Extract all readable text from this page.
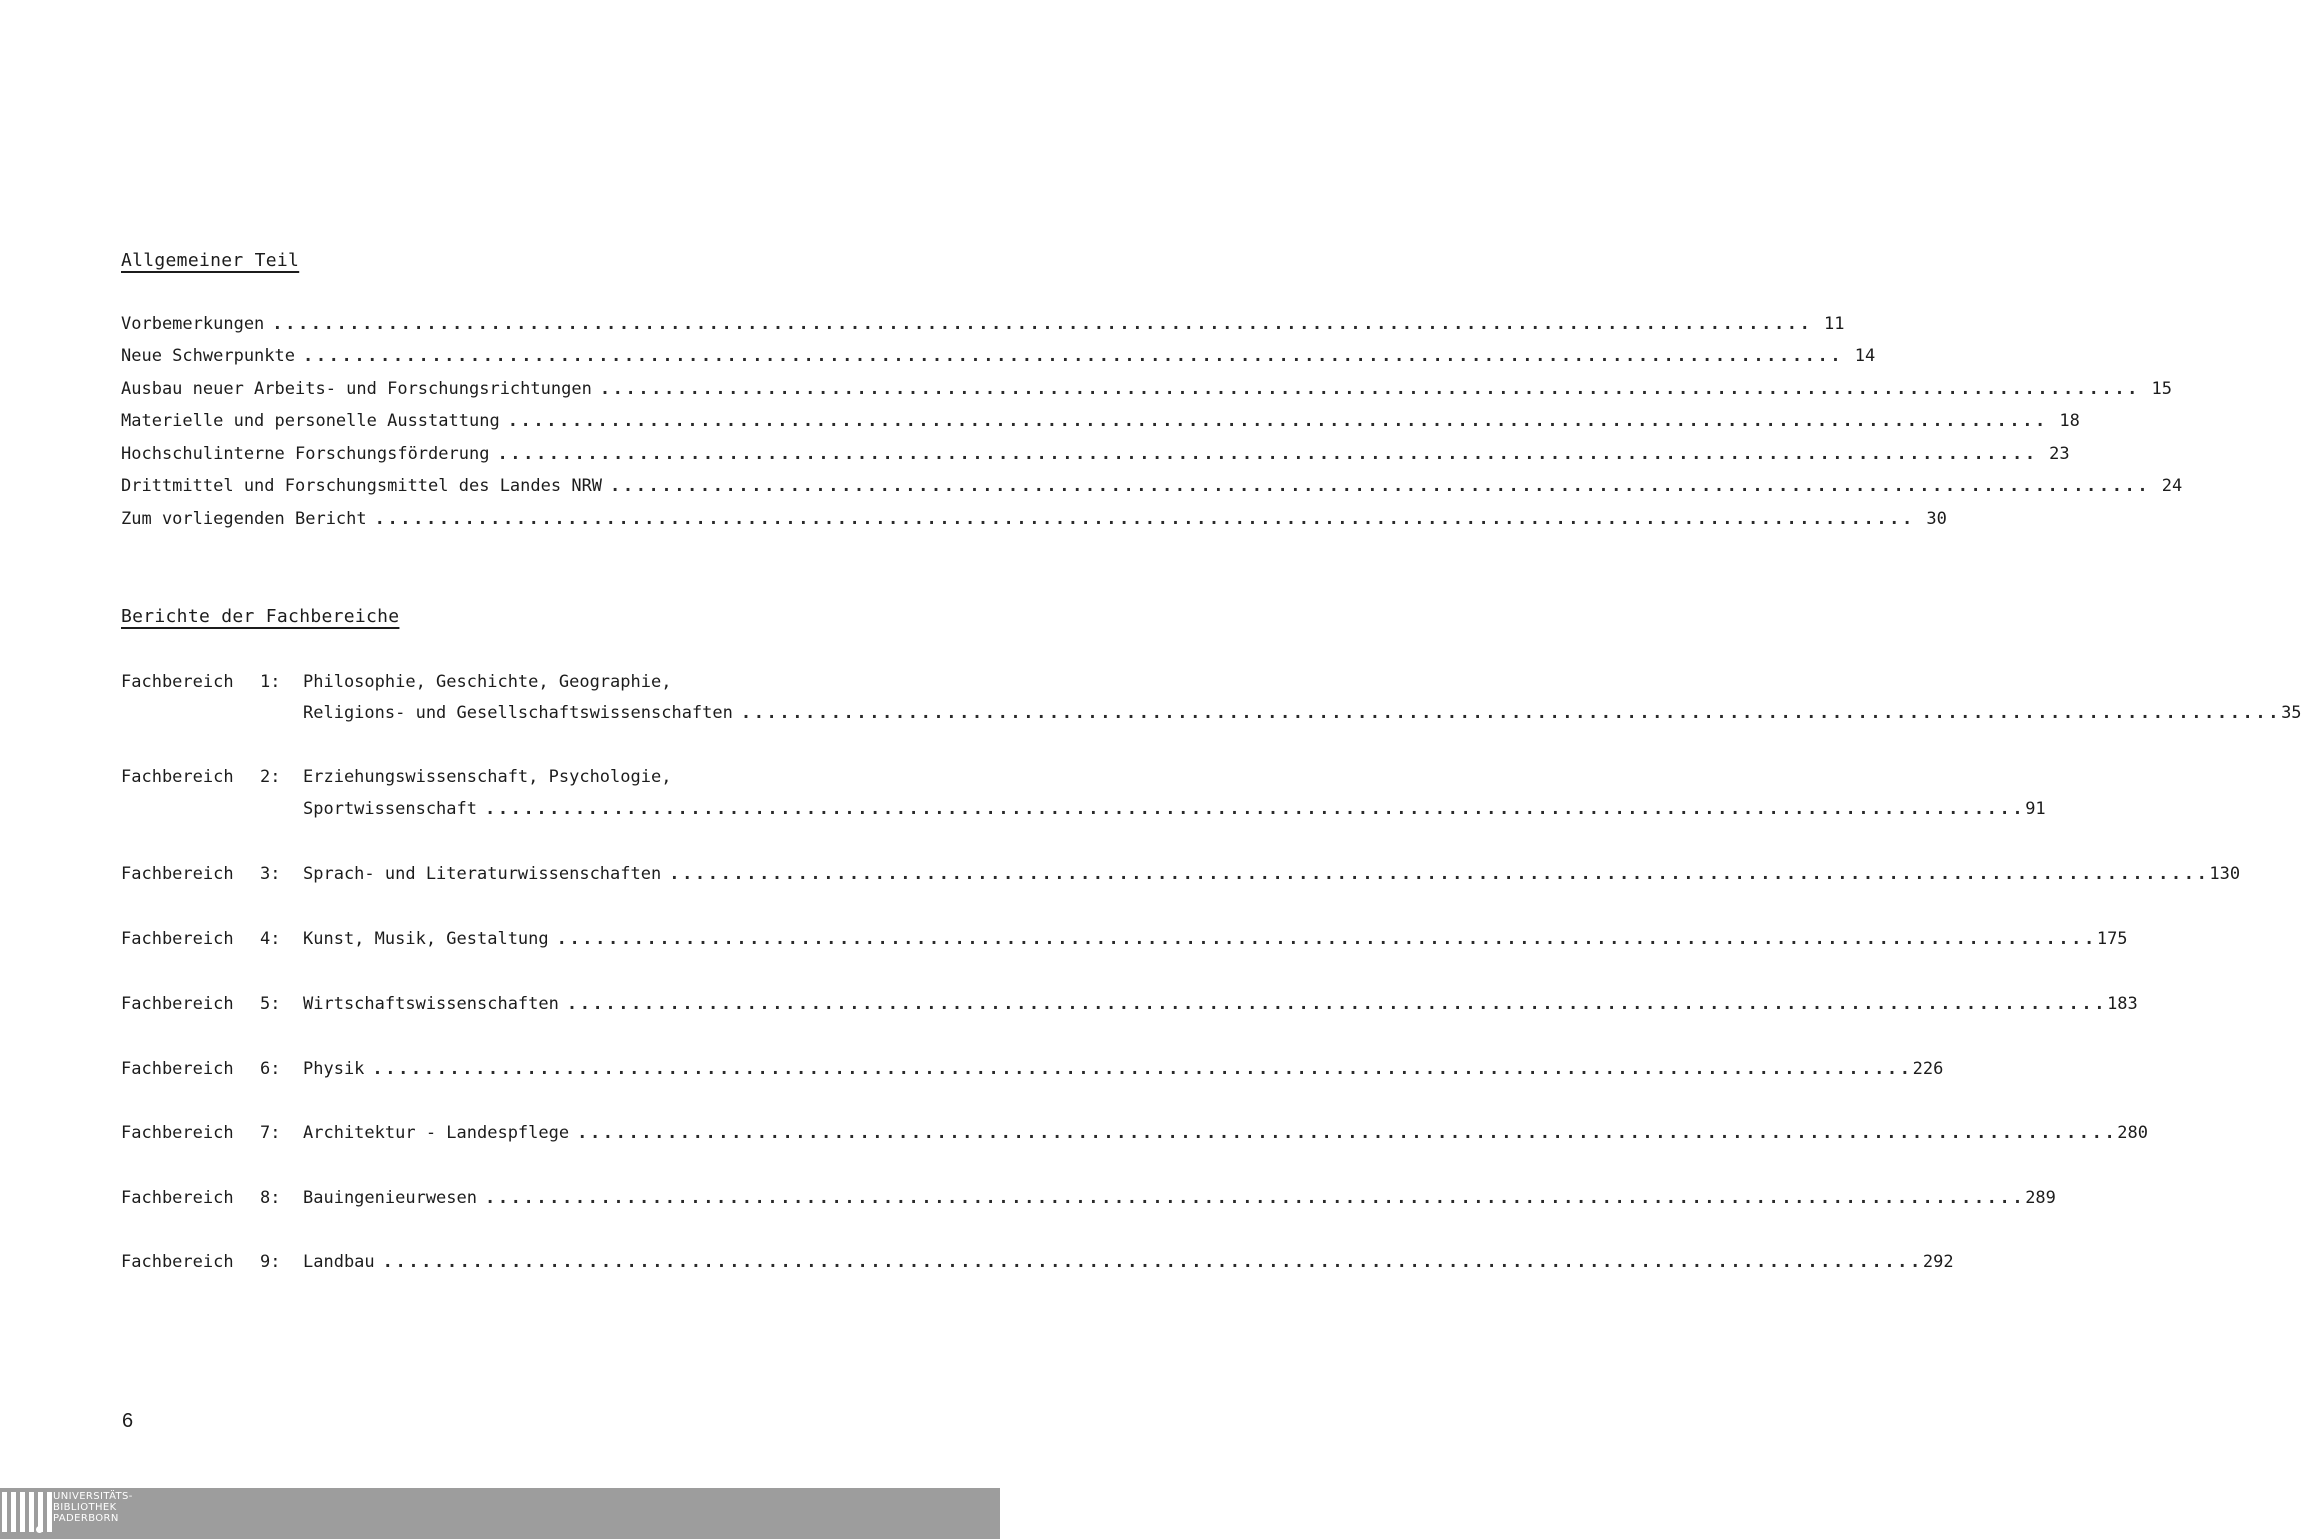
Allgemeiner Teil
Vorbemerkungen ........................................................................................................................ 11
Neue Schwerpunkte ........................................................................................................................ 14
Ausbau neuer Arbeits- und Forschungsrichtungen ........................................................................................................................ 15
Materielle und personelle Ausstattung ........................................................................................................................ 18
Hochschulinterne Forschungsförderung ........................................................................................................................ 23
Drittmittel und Forschungsmittel des Landes NRW ........................................................................................................................ 24
Zum vorliegenden Bericht ........................................................................................................................ 30
Berichte der Fachbereiche
Fachbereich 1: Philosophie, Geschichte, Geographie,
Religions- und Gesellschaftswissenschaften ........................................................................................................................ 35
Fachbereich 2: Erziehungswissenschaft, Psychologie,
Sportwissenschaft ........................................................................................................................ 91
Fachbereich 3: Sprach- und Literaturwissenschaften ........................................................................................................................ 130
Fachbereich 4: Kunst, Musik, Gestaltung ........................................................................................................................ 175
Fachbereich 5: Wirtschaftswissenschaften ........................................................................................................................ 183
Fachbereich 6: Physik ........................................................................................................................ 226
Fachbereich 7: Architektur - Landespflege ........................................................................................................................ 280
Fachbereich 8: Bauingenieurwesen ........................................................................................................................ 289
Fachbereich 9: Landbau ........................................................................................................................ 292
6
UNIVERSITÄTS-
BIBLIOTHEK
PADERBORN
